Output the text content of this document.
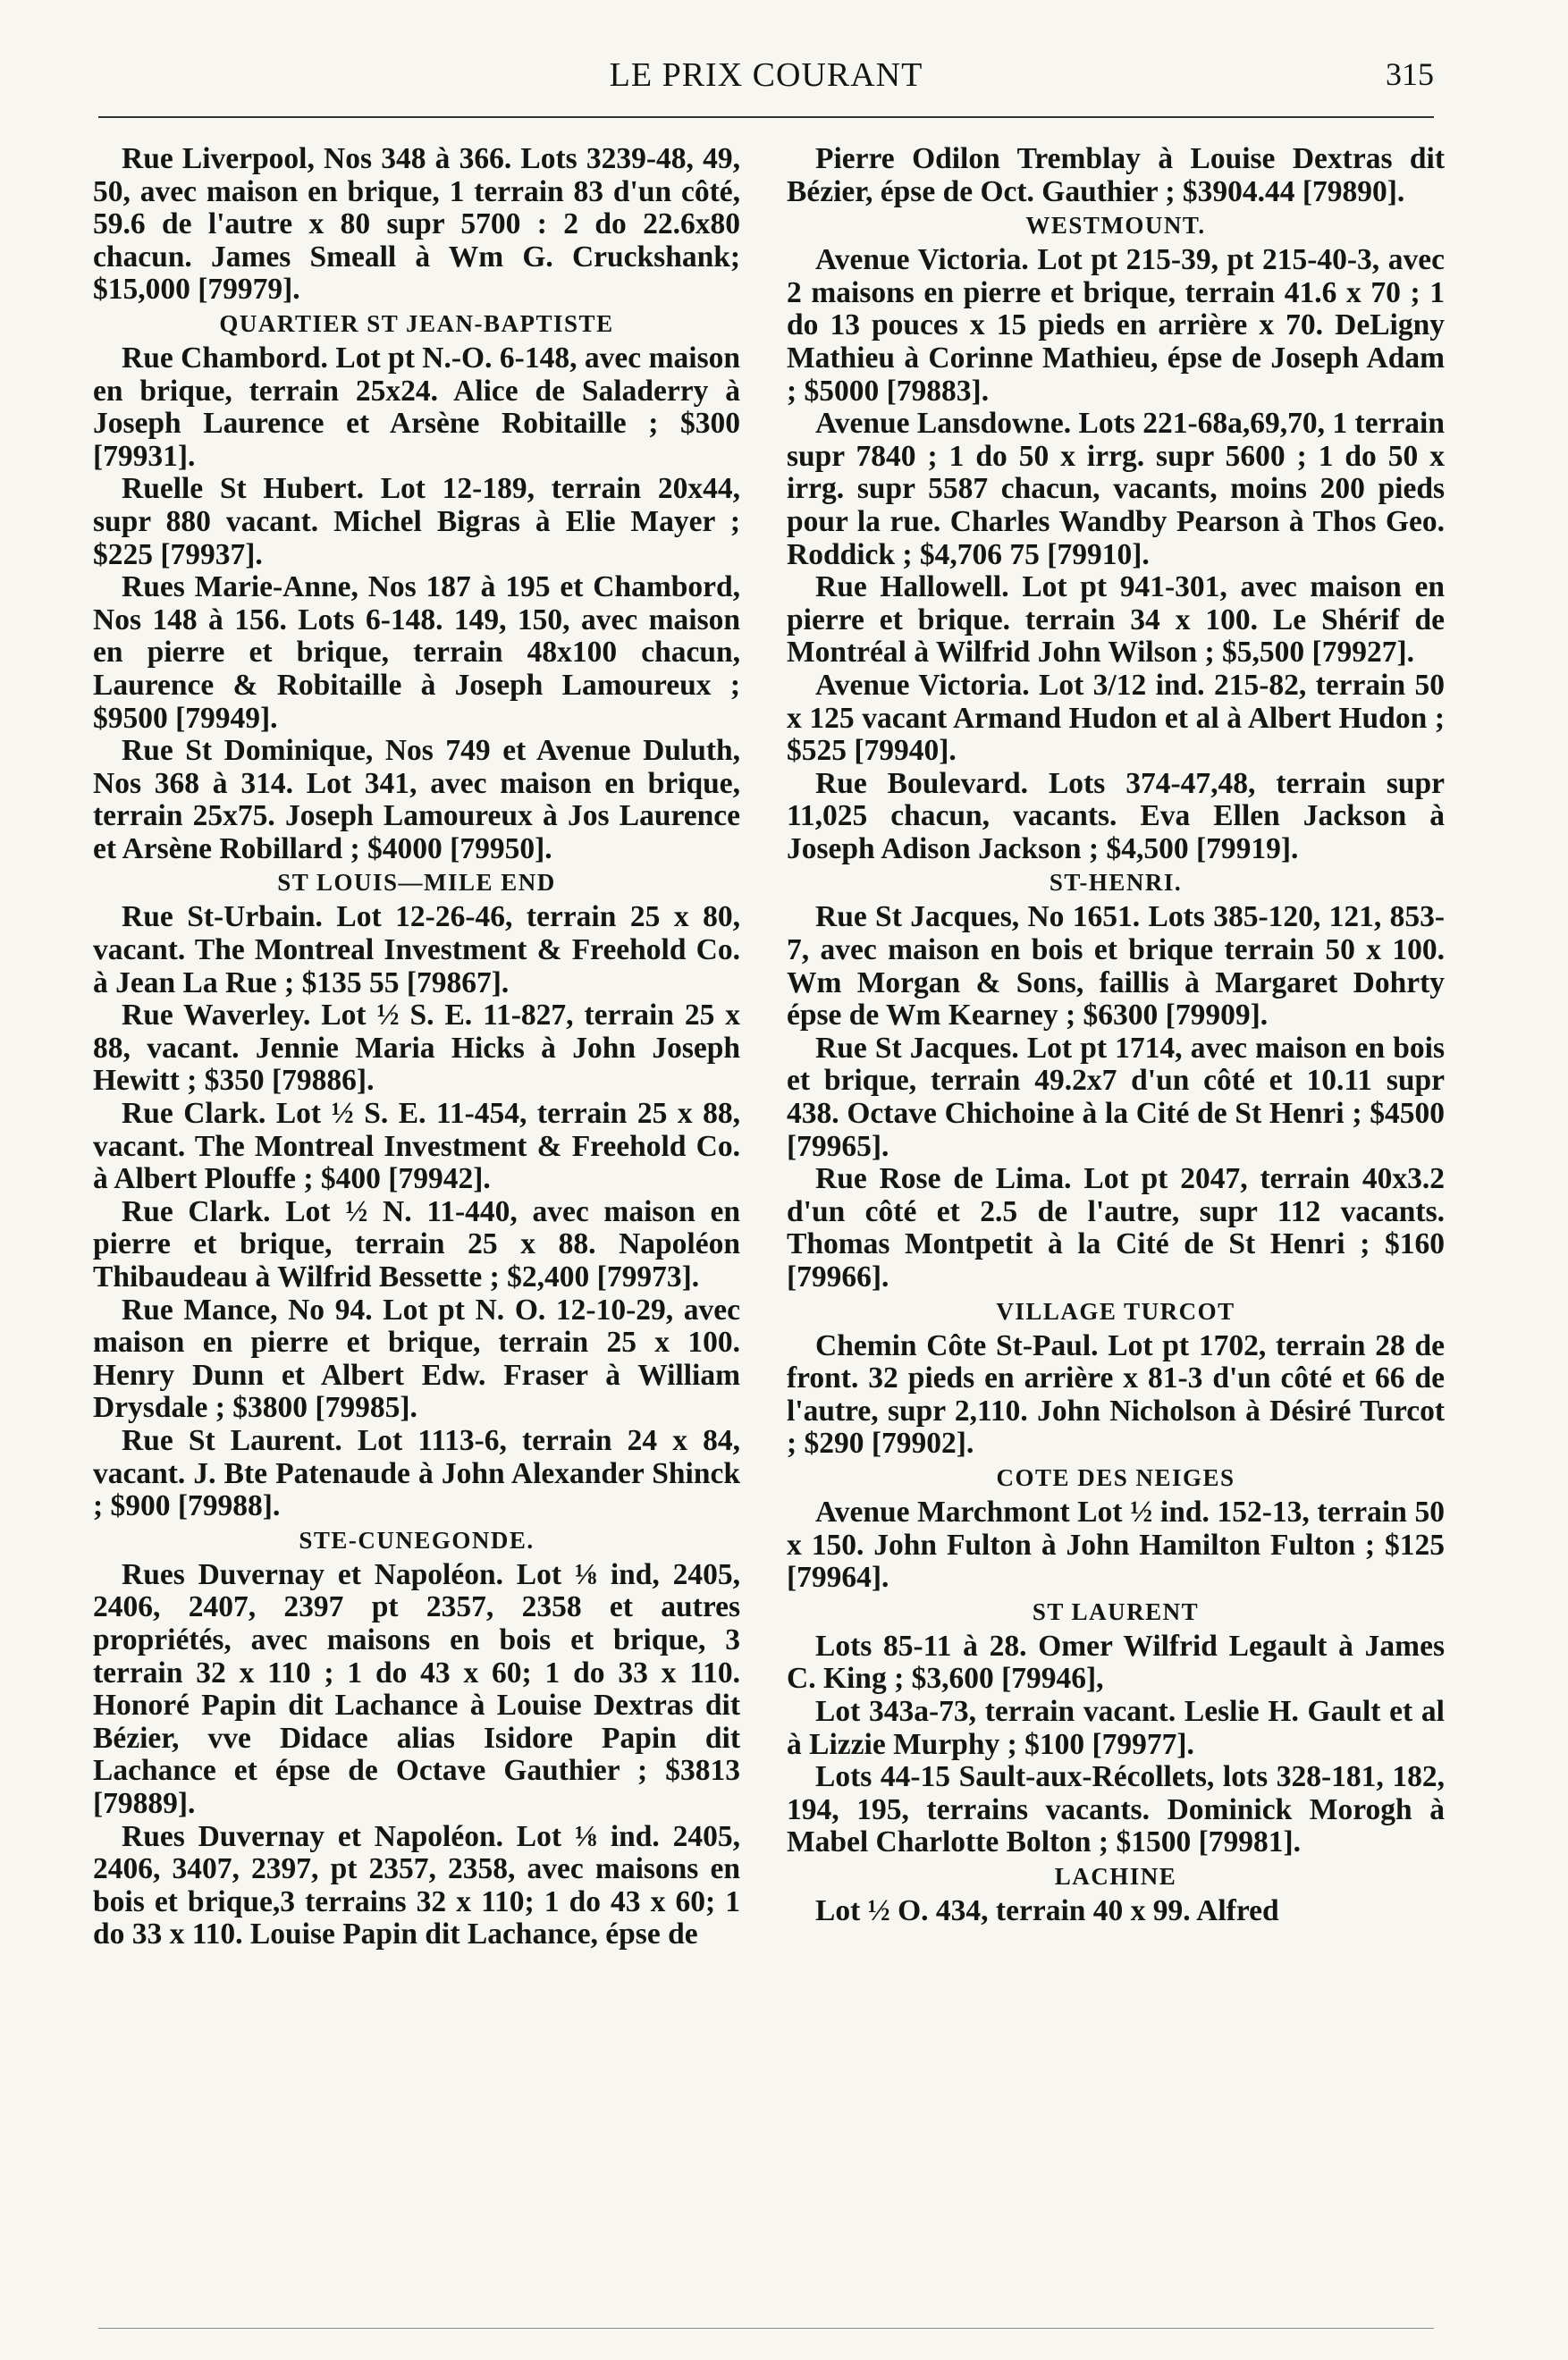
LE PRIX COURANT	315

Rue Liverpool, Nos 348 à 366. Lots 3239-48, 49, 50, avec maison en brique, 1 terrain 83 d'un côté, 59.6 de l'autre x 80 supr 5700 : 2 do 22.6x80 chacun. James Smeall à Wm G. Cruckshank; $15,000 [79979].

QUARTIER ST JEAN-BAPTISTE

Rue Chambord. Lot pt N.-O. 6-148, avec maison en brique, terrain 25x24. Alice de Saladerry à Joseph Laurence et Arsène Robitaille ; $300 [79931].

Ruelle St Hubert. Lot 12-189, terrain 20x44, supr 880 vacant. Michel Bigras à Elie Mayer ; $225 [79937].

Rues Marie-Anne, Nos 187 à 195 et Chambord, Nos 148 à 156. Lots 6-148. 149, 150, avec maison en pierre et brique, terrain 48x100 chacun, Laurence & Robitaille à Joseph Lamoureux ; $9500 [79949].

Rue St Dominique, Nos 749 et Avenue Duluth, Nos 368 à 314. Lot 341, avec maison en brique, terrain 25x75. Joseph Lamoureux à Jos Laurence et Arsène Robillard ; $4000 [79950].

ST LOUIS—MILE END

Rue St-Urbain. Lot 12-26-46, terrain 25 x 80, vacant. The Montreal Investment & Freehold Co. à Jean La Rue ; $135 55 [79867].

Rue Waverley. Lot ½ S. E. 11-827, terrain 25 x 88, vacant. Jennie Maria Hicks à John Joseph Hewitt ; $350 [79886].

Rue Clark. Lot ½ S. E. 11-454, terrain 25 x 88, vacant. The Montreal Investment & Freehold Co. à Albert Plouffe ; $400 [79942].

Rue Clark. Lot ½ N. 11-440, avec maison en pierre et brique, terrain 25 x 88. Napoléon Thibaudeau à Wilfrid Bessette ; $2,400 [79973].

Rue Mance, No 94. Lot pt N. O. 12-10-29, avec maison en pierre et brique, terrain 25 x 100. Henry Dunn et Albert Edw. Fraser à William Drysdale ; $3800 [79985].

Rue St Laurent. Lot 1113-6, terrain 24 x 84, vacant. J. Bte Patenaude à John Alexander Shinck ; $900 [79988].

STE-CUNEGONDE.

Rues Duvernay et Napoléon. Lot ⅛ ind, 2405, 2406, 2407, 2397 pt 2357, 2358 et autres propriétés, avec maisons en bois et brique, 3 terrain 32 x 110 ; 1 do 43 x 60; 1 do 33 x 110. Honoré Papin dit Lachance à Louise Dextras dit Bézier, vve Didace alias Isidore Papin dit Lachance et épse de Octave Gauthier ; $3813 [79889].

Rues Duvernay et Napoléon. Lot ⅛ ind. 2405, 2406, 3407, 2397, pt 2357, 2358, avec maisons en bois et brique,3 terrains 32 x 110; 1 do 43 x 60; 1 do 33 x 110. Louise Papin dit Lachance, épse de

Pierre Odilon Tremblay à Louise Dextras dit Bézier, épse de Oct. Gauthier ; $3904.44 [79890].

WESTMOUNT.

Avenue Victoria. Lot pt 215-39, pt 215-40-3, avec 2 maisons en pierre et brique, terrain 41.6 x 70 ; 1 do 13 pouces x 15 pieds en arrière x 70. DeLigny Mathieu à Corinne Mathieu, épse de Joseph Adam ; $5000 [79883].

Avenue Lansdowne. Lots 221-68a,69,70, 1 terrain supr 7840 ; 1 do 50 x irrg. supr 5600 ; 1 do 50 x irrg. supr 5587 chacun, vacants, moins 200 pieds pour la rue. Charles Wandby Pearson à Thos Geo. Roddick ; $4,706 75 [79910].

Rue Hallowell. Lot pt 941-301, avec maison en pierre et brique. terrain 34 x 100. Le Shérif de Montréal à Wilfrid John Wilson ; $5,500 [79927].

Avenue Victoria. Lot 3/12 ind. 215-82, terrain 50 x 125 vacant Armand Hudon et al à Albert Hudon ; $525 [79940].

Rue Boulevard. Lots 374-47,48, terrain supr 11,025 chacun, vacants. Eva Ellen Jackson à Joseph Adison Jackson ; $4,500 [79919].

ST-HENRI.

Rue St Jacques, No 1651. Lots 385-120, 121, 853-7, avec maison en bois et brique terrain 50 x 100. Wm Morgan & Sons, faillis à Margaret Dohrty épse de Wm Kearney ; $6300 [79909].

Rue St Jacques. Lot pt 1714, avec maison en bois et brique, terrain 49.2x7 d'un côté et 10.11 supr 438. Octave Chichoine à la Cité de St Henri ; $4500 [79965].

Rue Rose de Lima. Lot pt 2047, terrain 40x3.2 d'un côté et 2.5 de l'autre, supr 112 vacants. Thomas Montpetit à la Cité de St Henri ; $160 [79966].

VILLAGE TURCOT

Chemin Côte St-Paul. Lot pt 1702, terrain 28 de front. 32 pieds en arrière x 81-3 d'un côté et 66 de l'autre, supr 2,110. John Nicholson à Désiré Turcot ; $290 [79902].

COTE DES NEIGES

Avenue Marchmont Lot ½ ind. 152-13, terrain 50 x 150. John Fulton à John Hamilton Fulton ; $125 [79964].

ST LAURENT

Lots 85-11 à 28. Omer Wilfrid Legault à James C. King ; $3,600 [79946],

Lot 343a-73, terrain vacant. Leslie H. Gault et al à Lizzie Murphy ; $100 [79977].

Lots 44-15 Sault-aux-Récollets, lots 328-181, 182, 194, 195, terrains vacants. Dominick Morogh à Mabel Charlotte Bolton ; $1500 [79981].

LACHINE

Lot ½ O. 434, terrain 40 x 99. Alfred
